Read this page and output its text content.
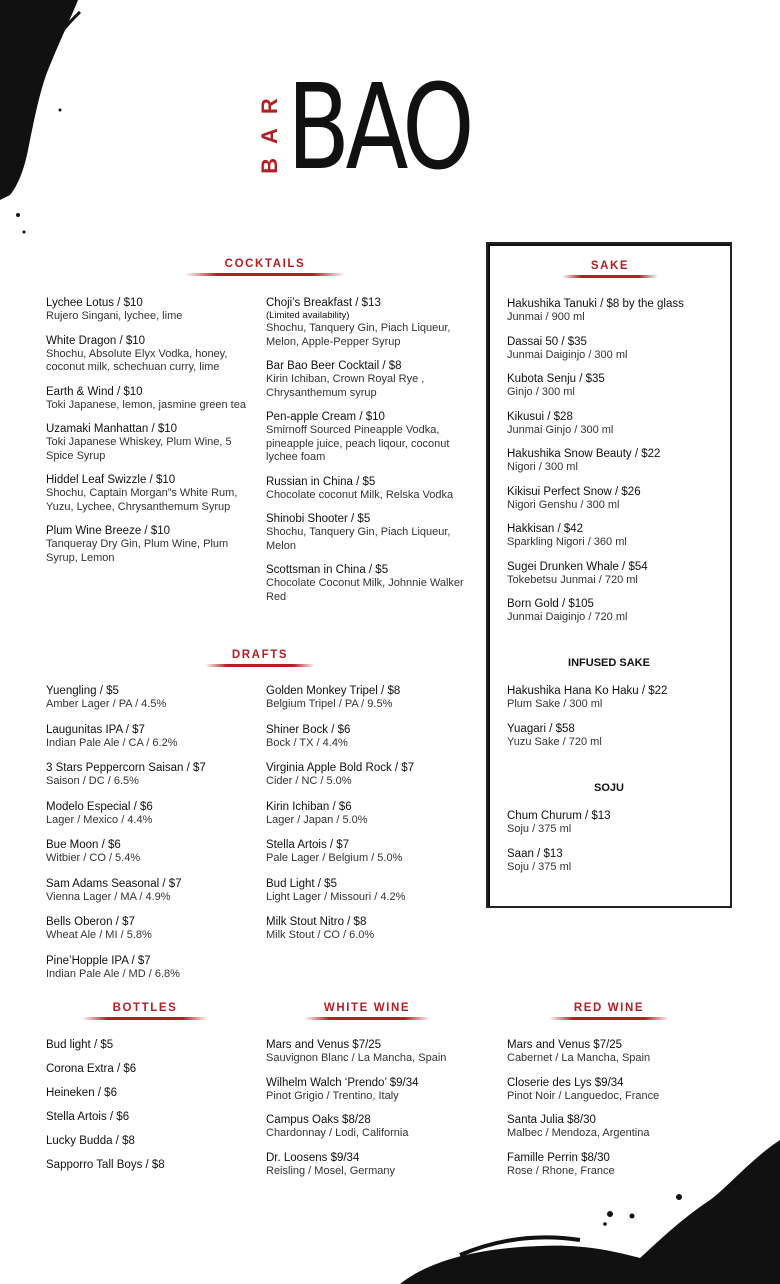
BAR BAO
COCKTAILS
Lychee Lotus / $10
Rujero Singani, lychee, lime
White Dragon / $10
Shochu, Absolute Elyx Vodka, honey, coconut milk, schechuan curry, lime
Earth & Wind / $10
Toki Japanese, lemon, jasmine green tea
Uzamaki Manhattan / $10
Toki Japanese Whiskey, Plum Wine, 5 Spice Syrup
Hiddel Leaf Swizzle / $10
Shochu, Captain Morgan”s White Rum, Yuzu, Lychee, Chrysanthemum Syrup
Plum Wine Breeze / $10
Tanqueray Dry Gin, Plum Wine, Plum Syrup, Lemon
Choji’s Breakfast / $13
(Limited availability)
Shochu, Tanquery Gin, Piach Liqueur, Melon, Apple-Pepper Syrup
Bar Bao Beer Cocktail / $8
Kirin Ichiban, Crown Royal Rye , Chrysanthemum syrup
Pen-apple Cream / $10
Smirnoff Sourced Pineapple Vodka, pineapple juice, peach liqour, coconut lychee foam
Russian in China / $5
Chocolate coconut Milk, Relska Vodka
Shinobi Shooter / $5
Shochu, Tanquery Gin, Piach Liqueur, Melon
Scottsman in China / $5
Chocolate Coconut Milk, Johnnie Walker Red
DRAFTS
Yuengling / $5
Amber Lager / PA / 4.5%
Laugunitas IPA / $7
Indian Pale Ale / CA / 6.2%
3 Stars Peppercorn Saisan / $7
Saison / DC / 6.5%
Modelo Especial / $6
Lager / Mexico / 4.4%
Bue Moon / $6
Witbier / CO / 5.4%
Sam Adams Seasonal / $7
Vienna Lager / MA / 4.9%
Bells Oberon / $7
Wheat Ale / MI / 5.8%
Pine’Hopple IPA / $7
Indian Pale Ale / MD / 6.8%
Golden Monkey Tripel / $8
Belgium Tripel / PA / 9.5%
Shiner Bock / $6
Bock / TX / 4.4%
Virginia Apple Bold Rock / $7
Cider / NC / 5.0%
Kirin Ichiban / $6
Lager / Japan / 5.0%
Stella Artois / $7
Pale Lager / Belgium / 5.0%
Bud Light / $5
Light Lager / Missouri / 4.2%
Milk Stout Nitro / $8
Milk Stout / CO / 6.0%
SAKE
Hakushika Tanuki / $8 by the glass
Junmai / 900 ml
Dassai 50 / $35
Junmai Daiginjo / 300 ml
Kubota Senju / $35
Ginjo / 300 ml
Kikusui / $28
Junmai Ginjo / 300 ml
Hakushika Snow Beauty / $22
Nigori / 300 ml
Kikisui Perfect Snow / $26
Nigori Genshu / 300 ml
Hakkisan / $42
Sparkling Nigori / 360 ml
Sugei Drunken Whale / $54
Tokebetsu Junmai / 720 ml
Born Gold / $105
Junmai Daiginjo / 720 ml
INFUSED SAKE
Hakushika Hana Ko Haku / $22
Plum Sake / 300 ml
Yuagari / $58
Yuzu Sake / 720 ml
SOJU
Chum Churum / $13
Soju / 375 ml
Saan / $13
Soju / 375 ml
BOTTLES
Bud light / $5
Corona Extra / $6
Heineken / $6
Stella Artois / $6
Lucky Budda / $8
Sapporro Tall Boys / $8
WHITE WINE
Mars and Venus $7/25
Sauvignon Blanc / La Mancha, Spain
Wilhelm Walch ‘Prendo’ $9/34
Pinot Grigio / Trentino, Italy
Campus Oaks $8/28
Chardonnay / Lodi, California
Dr. Loosens $9/34
Reisling / Mosel, Germany
RED WINE
Mars and Venus $7/25
Cabernet / La Mancha, Spain
Closerie des Lys $9/34
Pinot Noir / Languedoc, France
Santa Julia $8/30
Malbec / Mendoza, Argentina
Famille Perrin $8/30
Rose / Rhone, France
